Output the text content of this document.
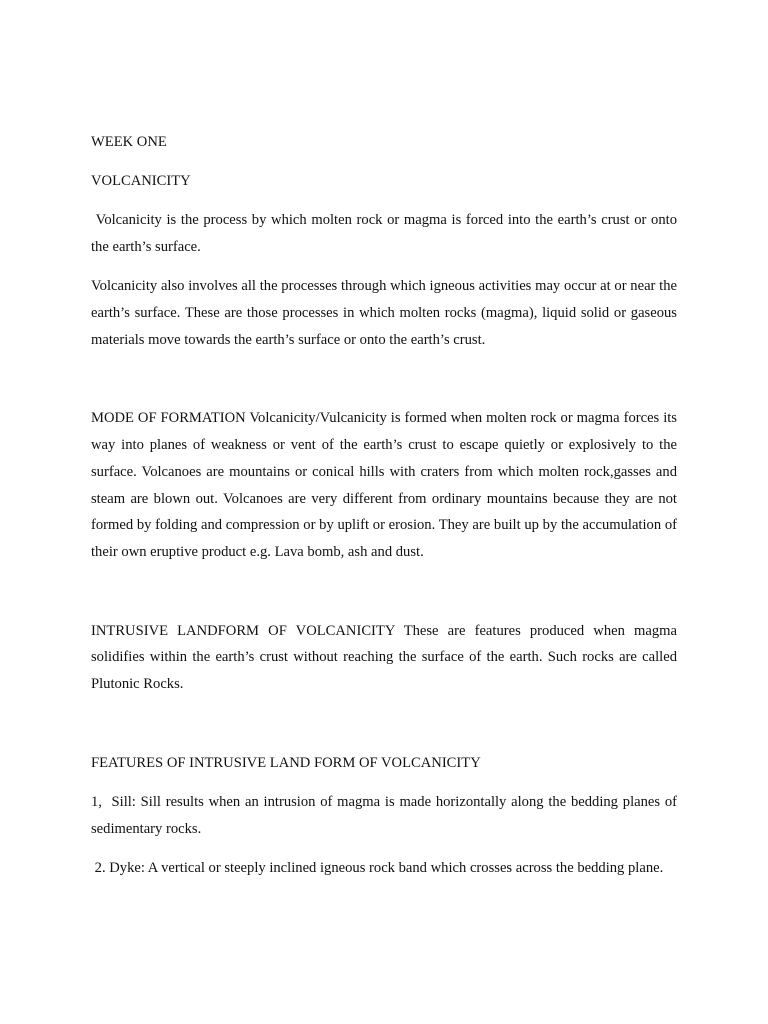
WEEK ONE

VOLCANICITY

Volcanicity is the process by which molten rock or magma is forced into the earth’s crust or onto the earth’s surface.

Volcanicity also involves all the processes through which igneous activities may occur at or near the earth’s surface. These are those processes in which molten rocks (magma), liquid solid or gaseous materials move towards the earth’s surface or onto the earth’s crust.

MODE OF FORMATION Volcanicity/Vulcanicity is formed when molten rock or magma forces its way into planes of weakness or vent of the earth’s crust to escape quietly or explosively to the surface. Volcanoes are mountains or conical hills with craters from which molten rock,gasses and steam are blown out. Volcanoes are very different from ordinary mountains because they are not formed by folding and compression or by uplift or erosion. They are built up by the accumulation of their own eruptive product e.g. Lava bomb, ash and dust.

INTRUSIVE LANDFORM OF VOLCANICITY These are features produced when magma solidifies within the earth’s crust without reaching the surface of the earth. Such rocks are called Plutonic Rocks.

FEATURES OF INTRUSIVE LAND FORM OF VOLCANICITY

1,  Sill: Sill results when an intrusion of magma is made horizontally along the bedding planes of sedimentary rocks.

2. Dyke: A vertical or steeply inclined igneous rock band which crosses across the bedding plane.
